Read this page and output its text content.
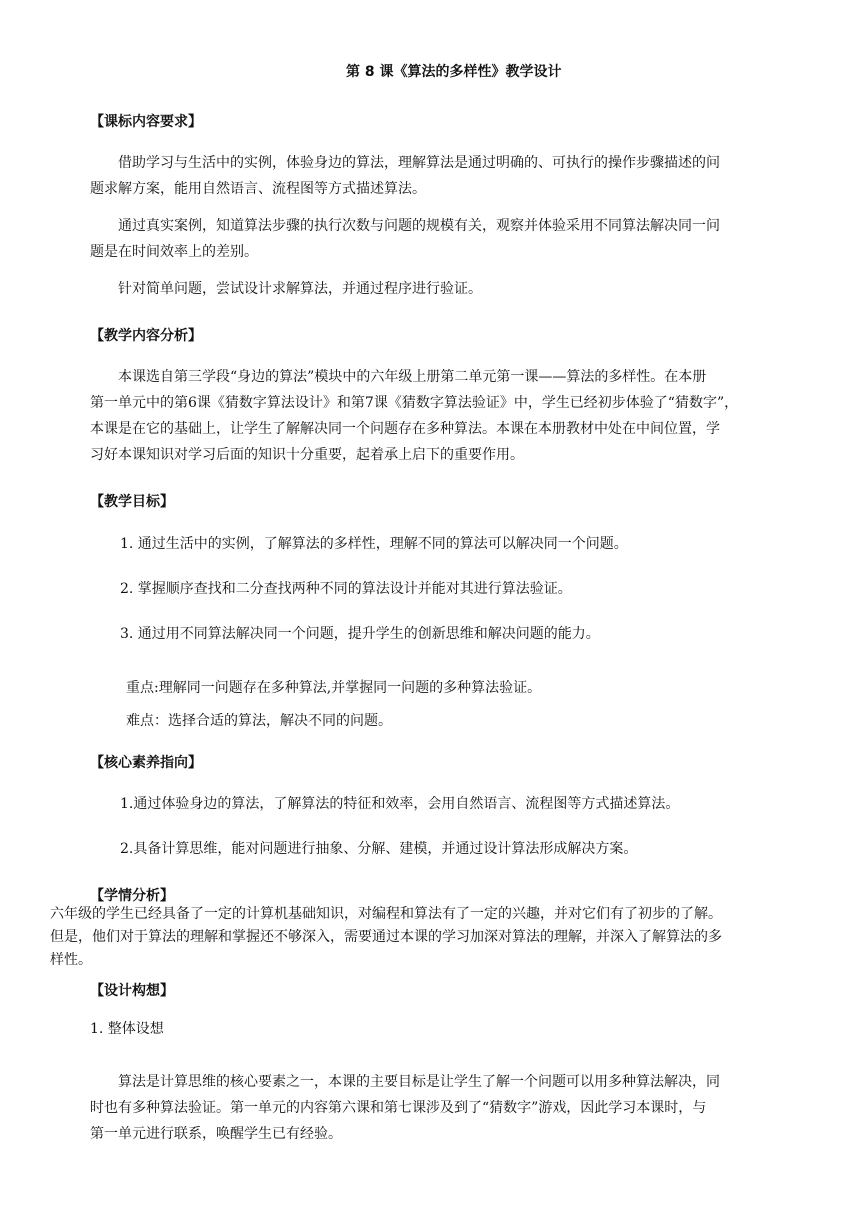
第 8 课《算法的多样性》教学设计
【课标内容要求】
借助学习与生活中的实例，体验身边的算法，理解算法是通过明确的、可执行的操作步骤描述的问
题求解方案，能用自然语言、流程图等方式描述算法。
通过真实案例，知道算法步骤的执行次数与问题的规模有关，观察并体验采用不同算法解决同一问
题是在时间效率上的差别。
针对简单问题，尝试设计求解算法，并通过程序进行验证。
【教学内容分析】
本课选自第三学段“身边的算法”模块中的六年级上册第二单元第一课——算法的多样性。在本册
第一单元中的第6课《猜数字算法设计》和第7课《猜数字算法验证》中，学生已经初步体验了“猜数字”，
本课是在它的基础上，让学生了解解决同一个问题存在多种算法。本课在本册教材中处在中间位置，学
习好本课知识对学习后面的知识十分重要，起着承上启下的重要作用。
【教学目标】
1. 通过生活中的实例，了解算法的多样性，理解不同的算法可以解决同一个问题。
2. 掌握顺序查找和二分查找两种不同的算法设计并能对其进行算法验证。
3. 通过用不同算法解决同一个问题，提升学生的创新思维和解决问题的能力。
重点:理解同一问题存在多种算法,并掌握同一问题的多种算法验证。
难点：选择合适的算法，解决不同的问题。
【核心素养指向】
1.通过体验身边的算法，了解算法的特征和效率，会用自然语言、流程图等方式描述算法。
2.具备计算思维，能对问题进行抽象、分解、建模，并通过设计算法形成解决方案。
【学情分析】
六年级的学生已经具备了一定的计算机基础知识，对编程和算法有了一定的兴趣，并对它们有了初步的了解。
但是，他们对于算法的理解和掌握还不够深入，需要通过本课的学习加深对算法的理解，并深入了解算法的多
样性。
【设计构想】
1. 整体设想
算法是计算思维的核心要素之一，本课的主要目标是让学生了解一个问题可以用多种算法解决，同
时也有多种算法验证。第一单元的内容第六课和第七课涉及到了“猜数字”游戏，因此学习本课时，与
第一单元进行联系，唤醒学生已有经验。
